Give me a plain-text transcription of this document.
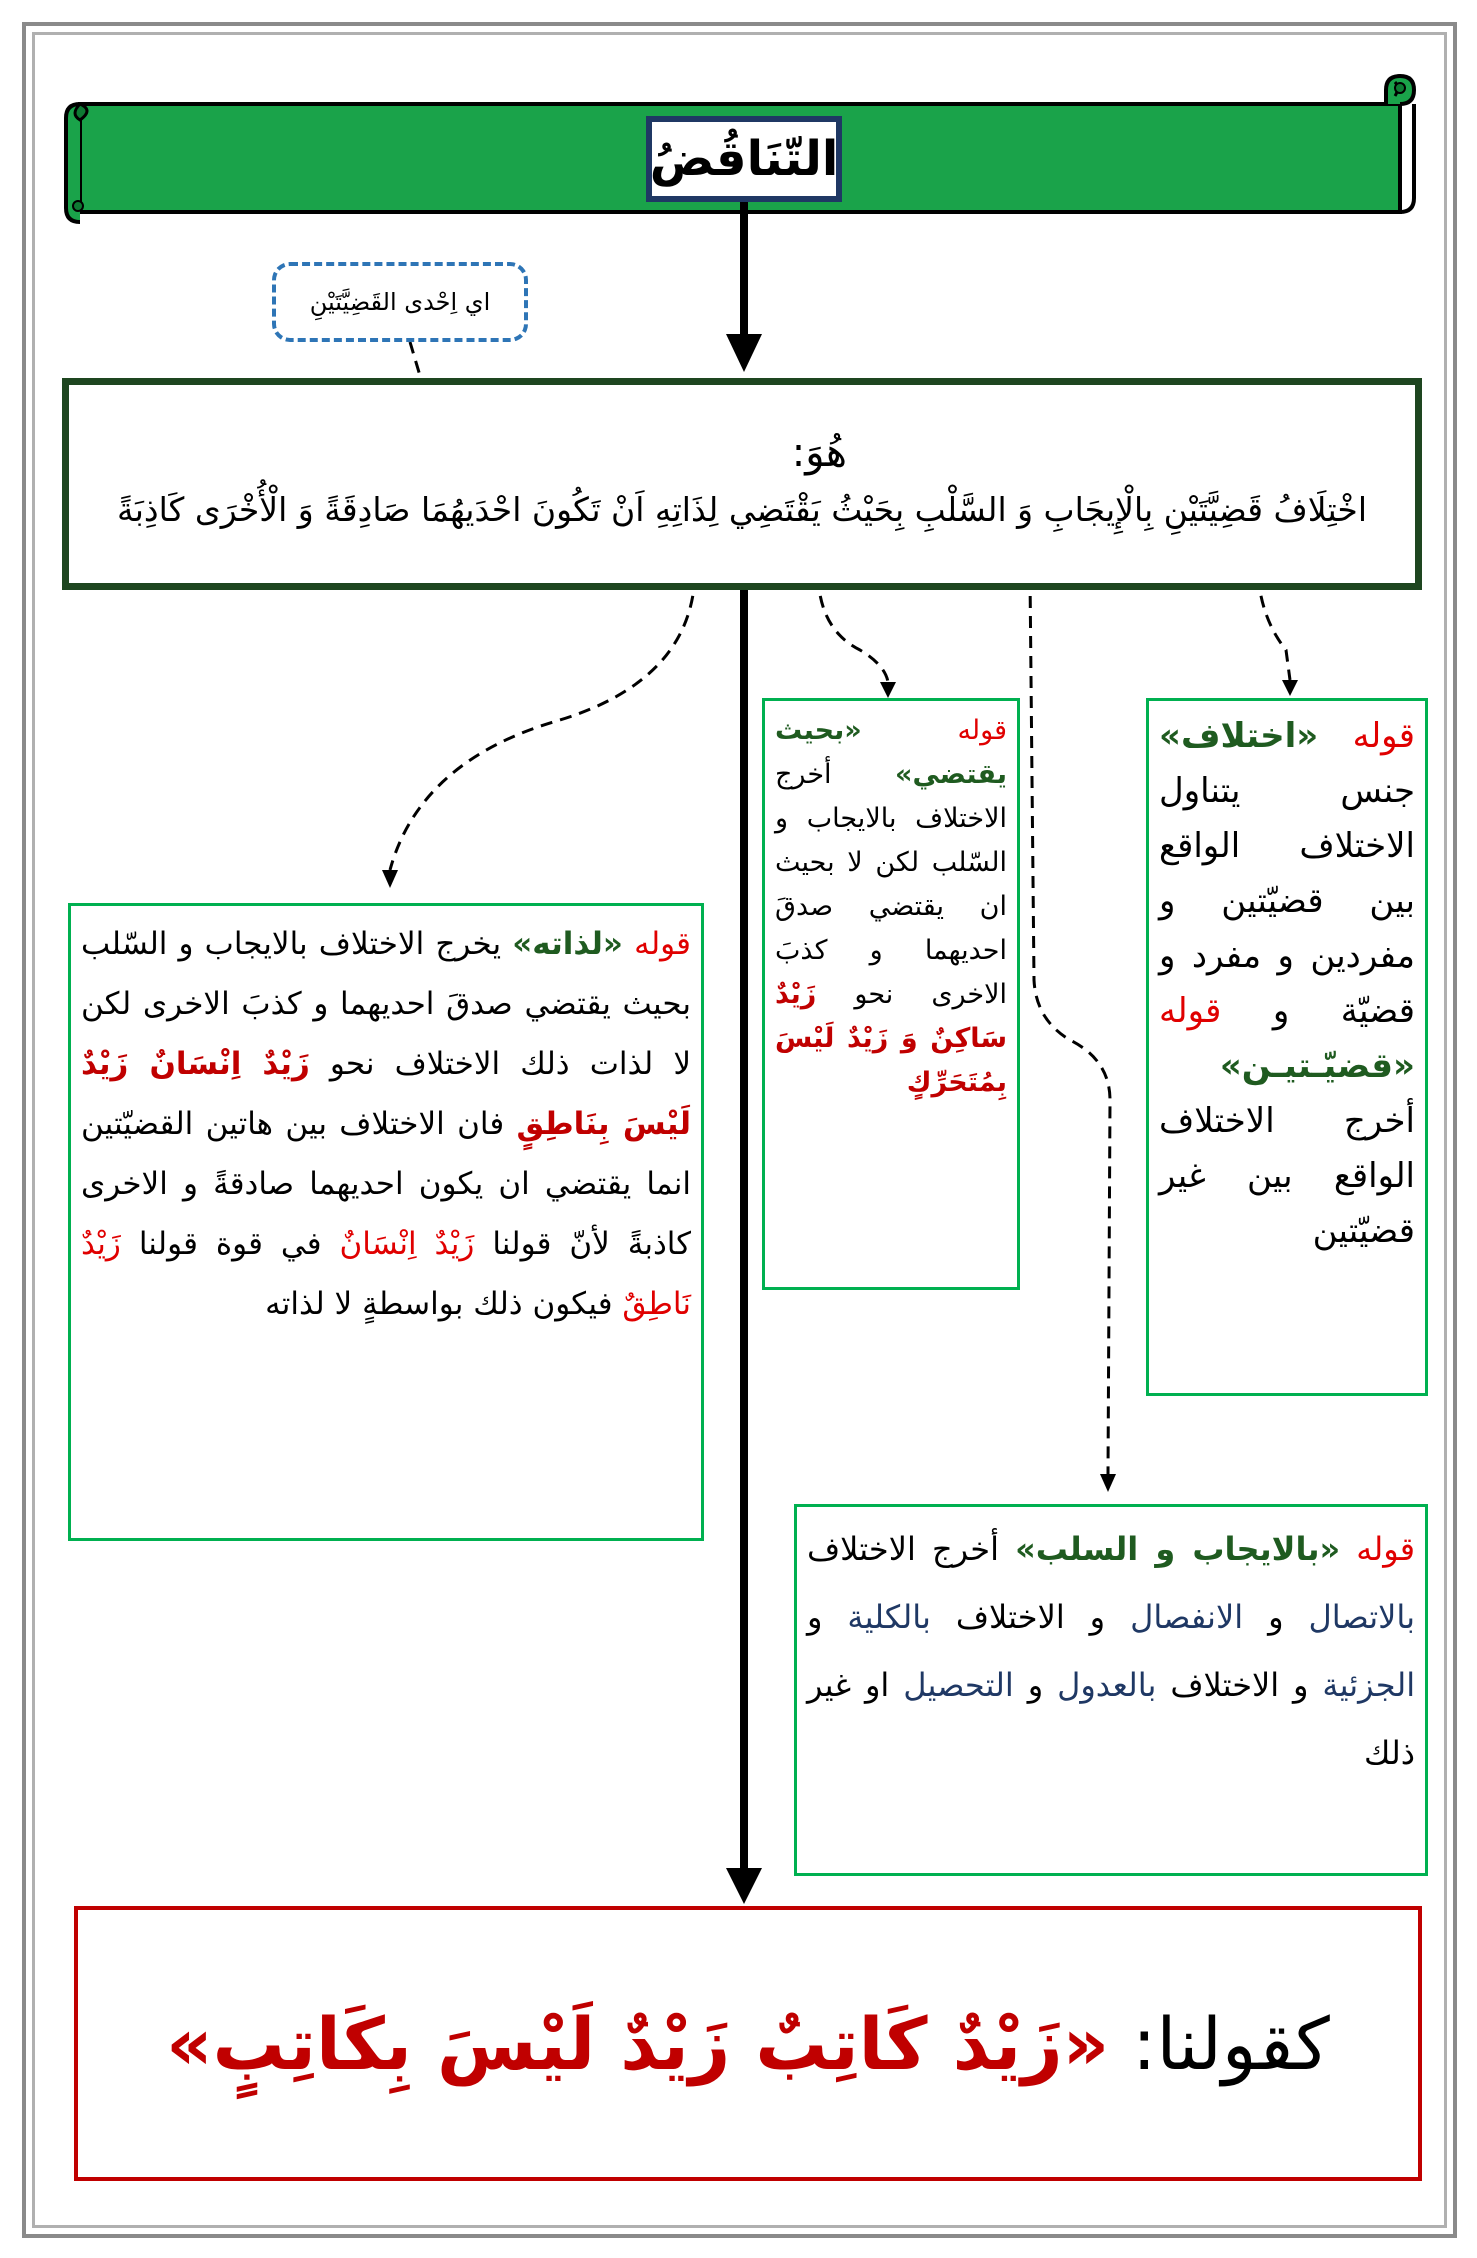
التّنَاقُضُ
اي اِحْدى القَضِيَّتَيْنِ
هُوَ:
اخْتِلَافُ قَضِيَّتَيْنِ بِالْإِيجَابِ وَ السَّلْبِ بِحَيْثُ يَقْتَضِي لِذَاتِهِ اَنْ تَكُونَ احْدَيهُمَا صَادِقَةً وَ الْأُخْرَى كَاذِبَةً
قوله «اختلاف» جنس يتناول الاختلاف الواقع بين قضيّتين و مفردين و مفرد و قضيّة و قوله «قضيّـتيـن» أخرج الاختلاف الواقع بين غير قضيّتين
قوله «بحيث يقتضي» أخرج الاختلاف بالايجاب و السّلب لكن لا بحيث ان يقتضي صدقَ احديهما و كذبَ الاخرى نحو زَيْدٌ سَاكِنٌ وَ زَيْدٌ لَيْسَ بِمُتَحَرِّكٍ
قوله «لذاته» يخرج الاختلاف بالايجاب و السّلب بحيث يقتضي صدقَ احديهما و كذبَ الاخرى لكن لا لذات ذلك الاختلاف نحو زَيْدٌ اِنْسَانٌ زَيْدٌ لَيْسَ بِنَاطِقٍ فان الاختلاف بين هاتين القضيّتين انما يقتضي ان يكون احديهما صادقةً و الاخرى كاذبةً لأنّ قولنا زَيْدٌ اِنْسَانٌ في قوة قولنا زَيْدٌ نَاطِقٌ فيكون ذلك بواسطةٍ لا لذاته
قوله «بالايجاب و السلب» أخرج الاختلاف بالاتصال و الانفصال و الاختلاف بالكلية و الجزئية و الاختلاف بالعدول و التحصيل او غير ذلك
كقولنا:

«زَيْدٌ كَاتِبٌ زَيْدٌ لَيْسَ بِكَاتِبٍ»
